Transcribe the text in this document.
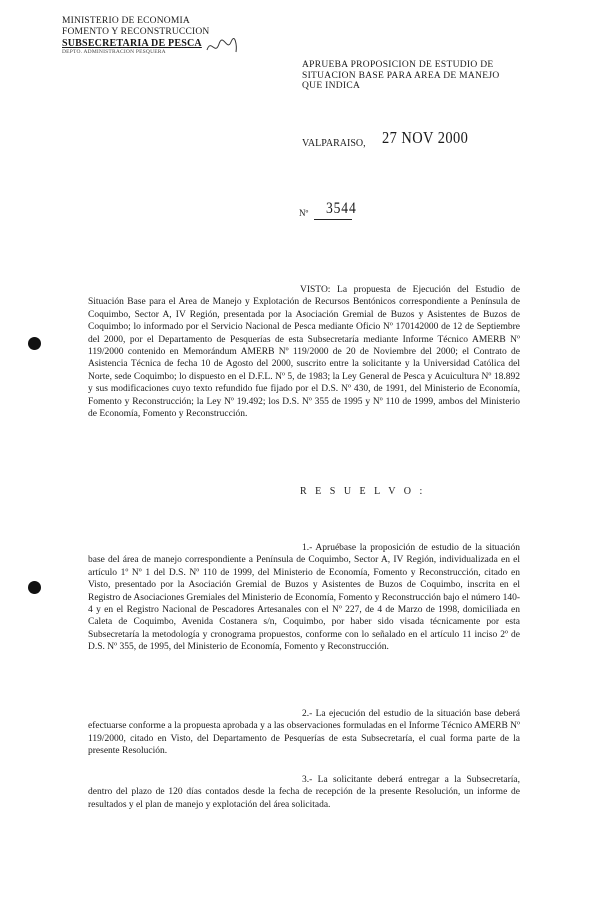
MINISTERIO DE ECONOMIA
FOMENTO Y RECONSTRUCCION
SUBSECRETARIA DE PESCA
DEPTO. ADMINISTRACION PESQUERA
APRUEBA PROPOSICION DE ESTUDIO DE SITUACION BASE PARA AREA DE MANEJO QUE INDICA
VALPARAISO, 27 NOV 2000
Nº 3544

VISTO: La propuesta de Ejecución del Estudio de Situación Base para el Area de Manejo y Explotación de Recursos Bentónicos correspondiente a Península de Coquimbo, Sector A, IV Región, presentada por la Asociación Gremial de Buzos y Asistentes de Buzos de Coquimbo; lo informado por el Servicio Nacional de Pesca mediante Oficio Nº 170142000 de 12 de Septiembre del 2000, por el Departamento de Pesquerías de esta Subsecretaría mediante Informe Técnico AMERB Nº 119/2000 contenido en Memorándum AMERB Nº 119/2000 de 20 de Noviembre del 2000; el Contrato de Asistencia Técnica de fecha 10 de Agosto del 2000, suscrito entre la solicitante y la Universidad Católica del Norte, sede Coquimbo; lo dispuesto en el D.F.L. Nº 5, de 1983; la Ley General de Pesca y Acuicultura Nº 18.892 y sus modificaciones cuyo texto refundido fue fijado por el D.S. Nº 430, de 1991, del Ministerio de Economía, Fomento y Reconstrucción; la Ley Nº 19.492; los D.S. Nº 355 de 1995 y Nº 110 de 1999, ambos del Ministerio de Economía, Fomento y Reconstrucción.

R E S U E L V O :

1.- Apruébase la proposición de estudio de la situación base del área de manejo correspondiente a Península de Coquimbo, Sector A, IV Región, individualizada en el artículo 1º Nº 1 del D.S. Nº 110 de 1999, del Ministerio de Economía, Fomento y Reconstrucción, citado en Visto, presentado por la Asociación Gremial de Buzos y Asistentes de Buzos de Coquimbo, inscrita en el Registro de Asociaciones Gremiales del Ministerio de Economía, Fomento y Reconstrucción bajo el número 140-4 y en el Registro Nacional de Pescadores Artesanales con el Nº 227, de 4 de Marzo de 1998, domiciliada en Caleta de Coquimbo, Avenida Costanera s/n, Coquimbo, por haber sido visada técnicamente por esta Subsecretaría la metodología y cronograma propuestos, conforme con lo señalado en el artículo 11 inciso 2º de D.S. Nº 355, de 1995, del Ministerio de Economía, Fomento y Reconstrucción.

2.- La ejecución del estudio de la situación base deberá efectuarse conforme a la propuesta aprobada y a las observaciones formuladas en el Informe Técnico AMERB Nº 119/2000, citado en Visto, del Departamento de Pesquerías de esta Subsecretaría, el cual forma parte de la presente Resolución.

3.- La solicitante deberá entregar a la Subsecretaría, dentro del plazo de 120 días contados desde la fecha de recepción de la presente Resolución, un informe de resultados y el plan de manejo y explotación del área solicitada.
